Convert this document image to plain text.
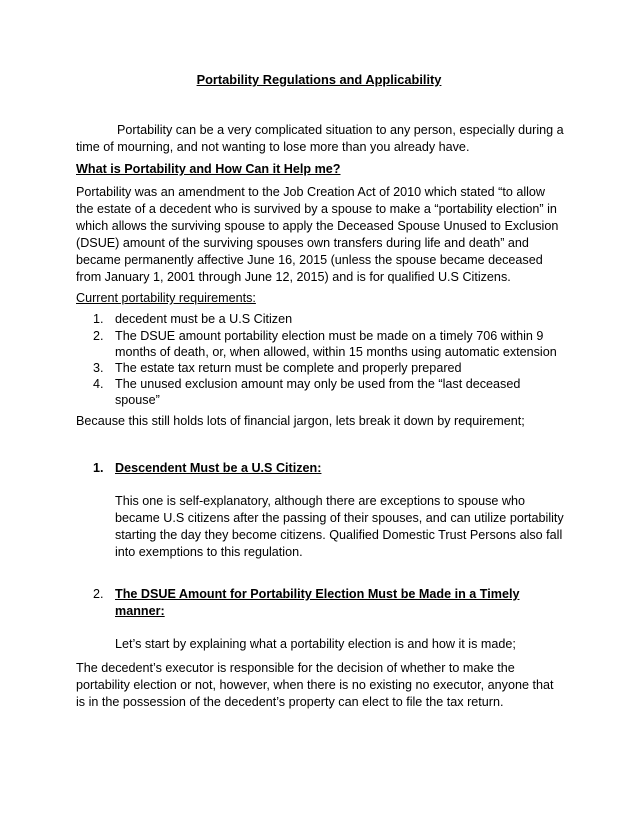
Portability Regulations and Applicability
Portability can be a very complicated situation to any person, especially during a
time of mourning, and not wanting to lose more than you already have.
What is Portability and How Can it Help me?
Portability was an amendment to the Job Creation Act of 2010 which stated “to allow
the estate of a decedent who is survived by a spouse to make a “portability election” in
which allows the surviving spouse to apply the Deceased Spouse Unused to Exclusion
(DSUE) amount of the surviving spouses own transfers during life and death” and
became permanently affective June 16, 2015 (unless the spouse became deceased
from January 1, 2001 through June 12, 2015) and is for qualified U.S Citizens.
Current portability requirements:
1. decedent must be a U.S Citizen
2. The DSUE amount portability election must be made on a timely 706 within 9
months of death, or, when allowed, within 15 months using automatic extension
3. The estate tax return must be complete and properly prepared
4. The unused exclusion amount may only be used from the “last deceased
spouse”
Because this still holds lots of financial jargon, lets break it down by requirement;
1. Descendent Must be a U.S Citizen:
This one is self-explanatory, although there are exceptions to spouse who
became U.S citizens after the passing of their spouses, and can utilize portability
starting the day they become citizens. Qualified Domestic Trust Persons also fall
into exemptions to this regulation.
2. The DSUE Amount for Portability Election Must be Made in a Timely
manner:
Let’s start by explaining what a portability election is and how it is made;
The decedent’s executor is responsible for the decision of whether to make the
portability election or not, however, when there is no existing no executor, anyone that
is in the possession of the decedent’s property can elect to file the tax return.
